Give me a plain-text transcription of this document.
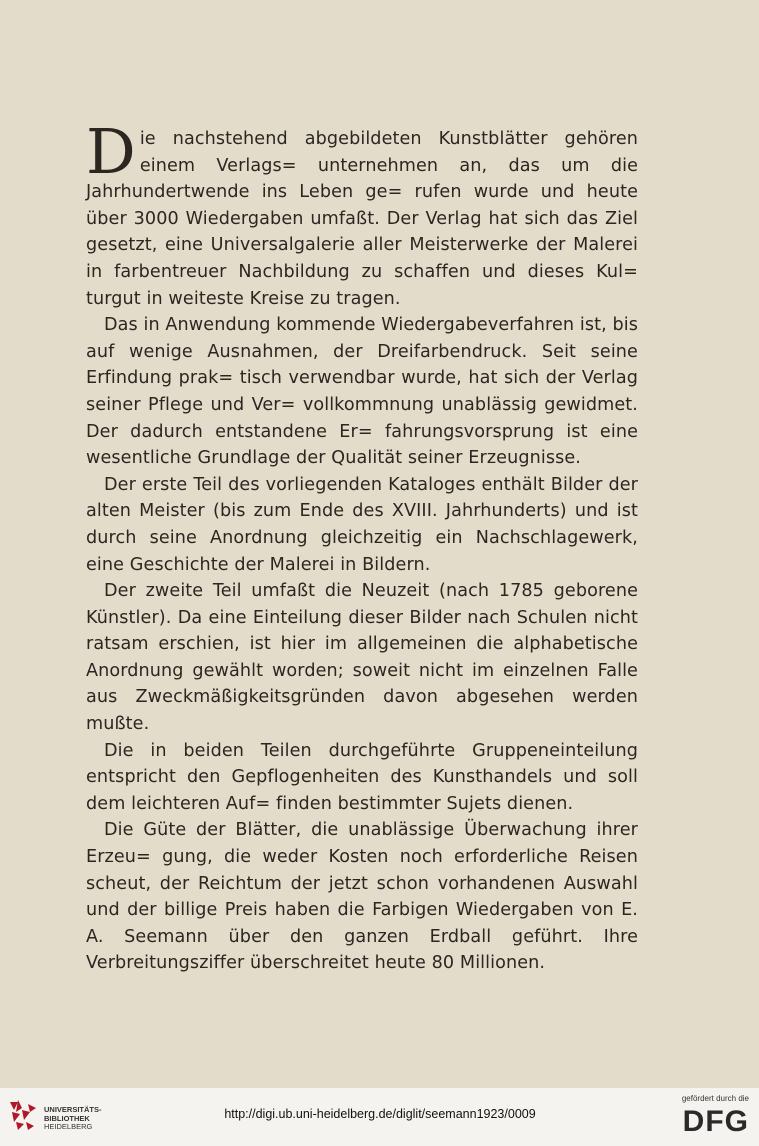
Die nachstehend abgebildeten Kunstblätter gehören einem Verlags= unternehmen an, das um die Jahrhundertwende ins Leben ge= rufen wurde und heute über 3000 Wiedergaben umfaßt. Der Verlag hat sich das Ziel gesetzt, eine Universalgalerie aller Meisterwerke der Malerei in farbentreuer Nachbildung zu schaffen und dieses Kul= turgut in weiteste Kreise zu tragen.

Das in Anwendung kommende Wiedergabeverfahren ist, bis auf wenige Ausnahmen, der Dreifarbendruck. Seit seine Erfindung prak= tisch verwendbar wurde, hat sich der Verlag seiner Pflege und Ver= vollkommnung unablässig gewidmet. Der dadurch entstandene Er= fahrungsvorsprung ist eine wesentliche Grundlage der Qualität seiner Erzeugnisse.

Der erste Teil des vorliegenden Kataloges enthält Bilder der alten Meister (bis zum Ende des XVIII. Jahrhunderts) und ist durch seine Anordnung gleichzeitig ein Nachschlagewerk, eine Geschichte der Malerei in Bildern.

Der zweite Teil umfaßt die Neuzeit (nach 1785 geborene Künstler). Da eine Einteilung dieser Bilder nach Schulen nicht ratsam erschien, ist hier im allgemeinen die alphabetische Anordnung gewählt worden; soweit nicht im einzelnen Falle aus Zweckmäßigkeitsgründen davon abgesehen werden mußte.

Die in beiden Teilen durchgeführte Gruppeneinteilung entspricht den Gepflogenheiten des Kunsthandels und soll dem leichteren Auf= finden bestimmter Sujets dienen.

Die Güte der Blätter, die unablässige Überwachung ihrer Erzeu= gung, die weder Kosten noch erforderliche Reisen scheut, der Reichtum der jetzt schon vorhandenen Auswahl und der billige Preis haben die Farbigen Wiedergaben von E. A. Seemann über den ganzen Erdball geführt. Ihre Verbreitungsziffer überschreitet heute 80 Millionen.

UNIVERSITÄTS-
BIBLIOTHEK
HEIDELBERG
http://digi.ub.uni-heidelberg.de/diglit/seemann1923/0009
gefördert durch die
DFG
